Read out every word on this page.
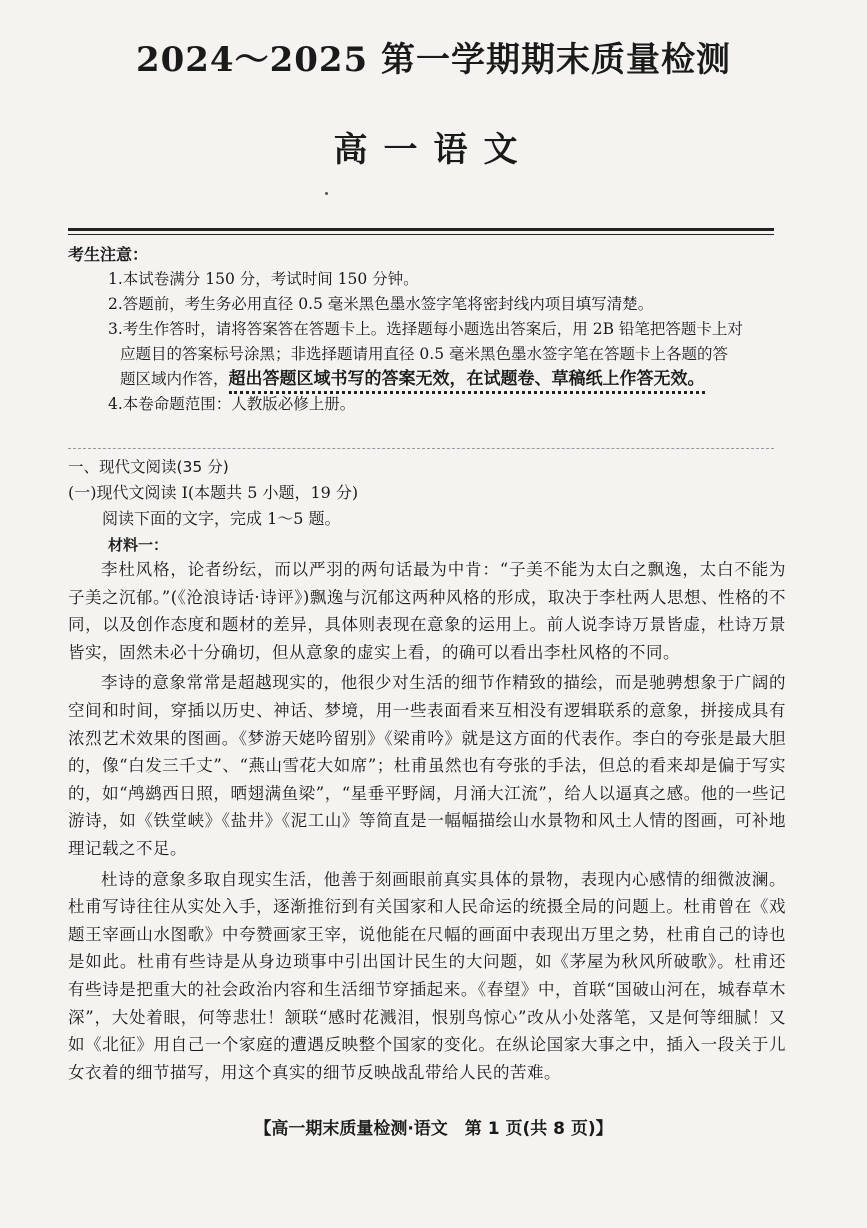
2024～2025 第一学期期末质量检测
高一语文
考生注意：
1.本试卷满分 150 分，考试时间 150 分钟。
2.答题前，考生务必用直径 0.5 毫米黑色墨水签字笔将密封线内项目填写清楚。
3.考生作答时，请将答案答在答题卡上。选择题每小题选出答案后，用 2B 铅笔把答题卡上对
应题目的答案标号涂黑；非选择题请用直径 0.5 毫米黑色墨水签字笔在答题卡上各题的答
题区域内作答，超出答题区域书写的答案无效，在试题卷、草稿纸上作答无效。
4.本卷命题范围：人教版必修上册。
一、现代文阅读(35 分)
(一)现代文阅读 I(本题共 5 小题，19 分)
阅读下面的文字，完成 1～5 题。
材料一：

李杜风格，论者纷纭，而以严羽的两句话最为中肯：“子美不能为太白之飘逸，太白不能为子美之沉郁。”(《沧浪诗话·诗评》)飘逸与沉郁这两种风格的形成，取决于李杜两人思想、性格的不同，以及创作态度和题材的差异，具体则表现在意象的运用上。前人说李诗万景皆虚，杜诗万景皆实，固然未必十分确切，但从意象的虚实上看，的确可以看出李杜风格的不同。

李诗的意象常常是超越现实的，他很少对生活的细节作精致的描绘，而是驰骋想象于广阔的空间和时间，穿插以历史、神话、梦境，用一些表面看来互相没有逻辑联系的意象，拼接成具有浓烈艺术效果的图画。《梦游天姥吟留别》《梁甫吟》就是这方面的代表作。李白的夸张是最大胆的，像“白发三千丈”、“燕山雪花大如席”；杜甫虽然也有夸张的手法，但总的看来却是偏于写实的，如“鸬鹚西日照，晒翅满鱼梁”，“星垂平野阔，月涌大江流”，给人以逼真之感。他的一些记游诗，如《铁堂峡》《盐井》《泥工山》等简直是一幅幅描绘山水景物和风土人情的图画，可补地理记载之不足。

杜诗的意象多取自现实生活，他善于刻画眼前真实具体的景物，表现内心感情的细微波澜。杜甫写诗往往从实处入手，逐渐推衍到有关国家和人民命运的统摄全局的问题上。杜甫曾在《戏题王宰画山水图歌》中夸赞画家王宰，说他能在尺幅的画面中表现出万里之势，杜甫自己的诗也是如此。杜甫有些诗是从身边琐事中引出国计民生的大问题，如《茅屋为秋风所破歌》。杜甫还有些诗是把重大的社会政治内容和生活细节穿插起来。《春望》中，首联“国破山河在，城春草木深”，大处着眼，何等悲壮！颔联“感时花溅泪，恨别鸟惊心”改从小处落笔，又是何等细腻！又如《北征》用自己一个家庭的遭遇反映整个国家的变化。在纵论国家大事之中，插入一段关于儿女衣着的细节描写，用这个真实的细节反映战乱带给人民的苦难。

【高一期末质量检测·语文　第 1 页(共 8 页)】
